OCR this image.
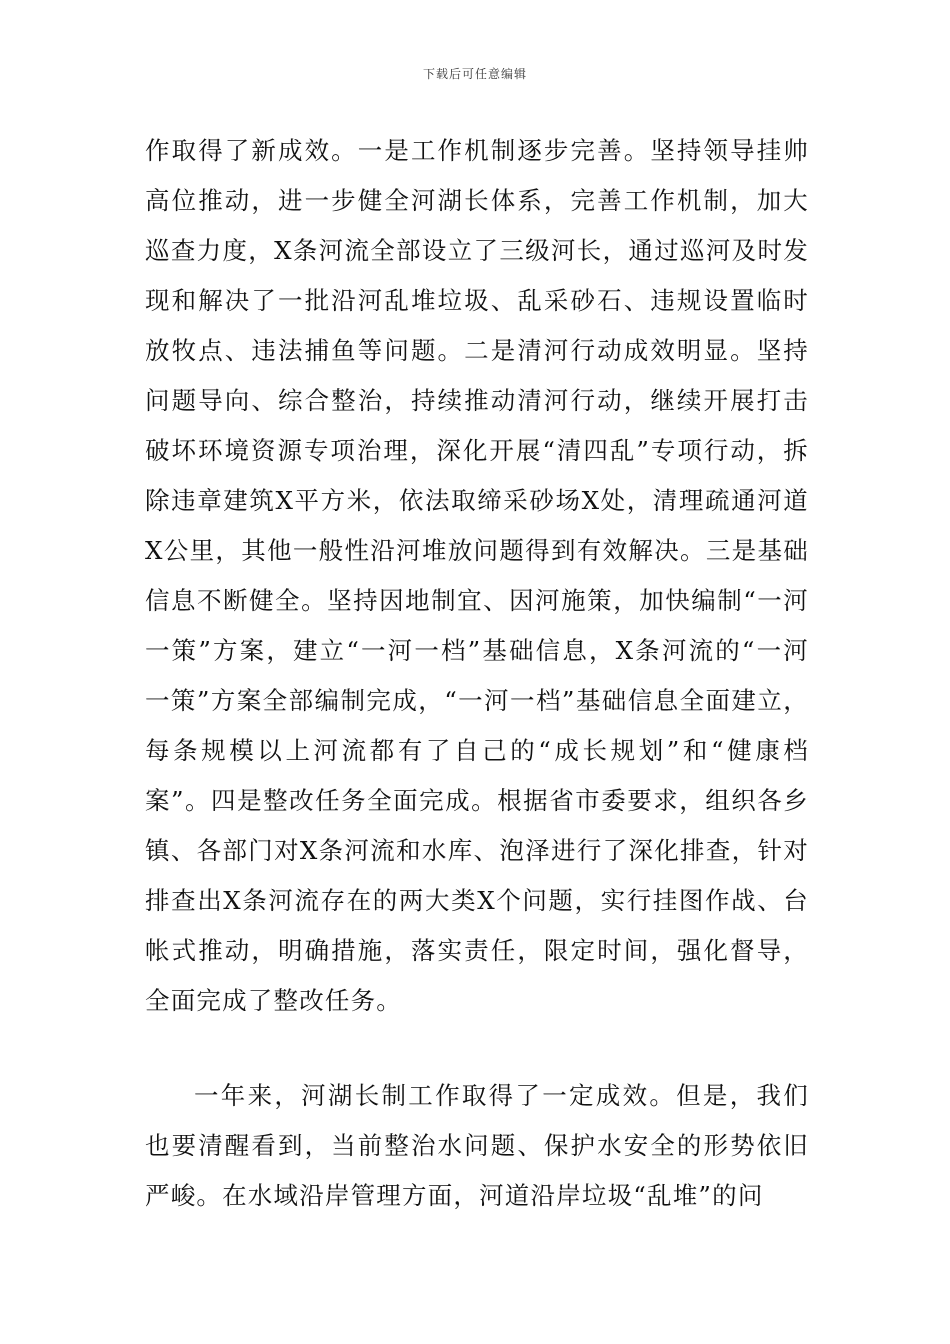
下载后可任意编辑

作取得了新成效。一是工作机制逐步完善。坚持领导挂帅高位推动，进一步健全河湖长体系，完善工作机制，加大巡查力度，X条河流全部设立了三级河长，通过巡河及时发现和解决了一批沿河乱堆垃圾、乱采砂石、违规设置临时放牧点、违法捕鱼等问题。二是清河行动成效明显。坚持问题导向、综合整治，持续推动清河行动，继续开展打击破坏环境资源专项治理，深化开展“清四乱”专项行动，拆除违章建筑X平方米，依法取缔采砂场X处，清理疏通河道X公里，其他一般性沿河堆放问题得到有效解决。三是基础信息不断健全。坚持因地制宜、因河施策，加快编制“一河一策”方案，建立“一河一档”基础信息，X条河流的“一河一策”方案全部编制完成，“一河一档”基础信息全面建立，每条规模以上河流都有了自己的“成长规划”和“健康档案”。四是整改任务全面完成。根据省市委要求，组织各乡镇、各部门对X条河流和水库、泡泽进行了深化排查，针对排查出X条河流存在的两大类X个问题，实行挂图作战、台帐式推动，明确措施，落实责任，限定时间，强化督导，全面完成了整改任务。

一年来，河湖长制工作取得了一定成效。但是，我们也要清醒看到，当前整治水问题、保护水安全的形势依旧严峻。在水域沿岸管理方面，河道沿岸垃圾“乱堆”的问
